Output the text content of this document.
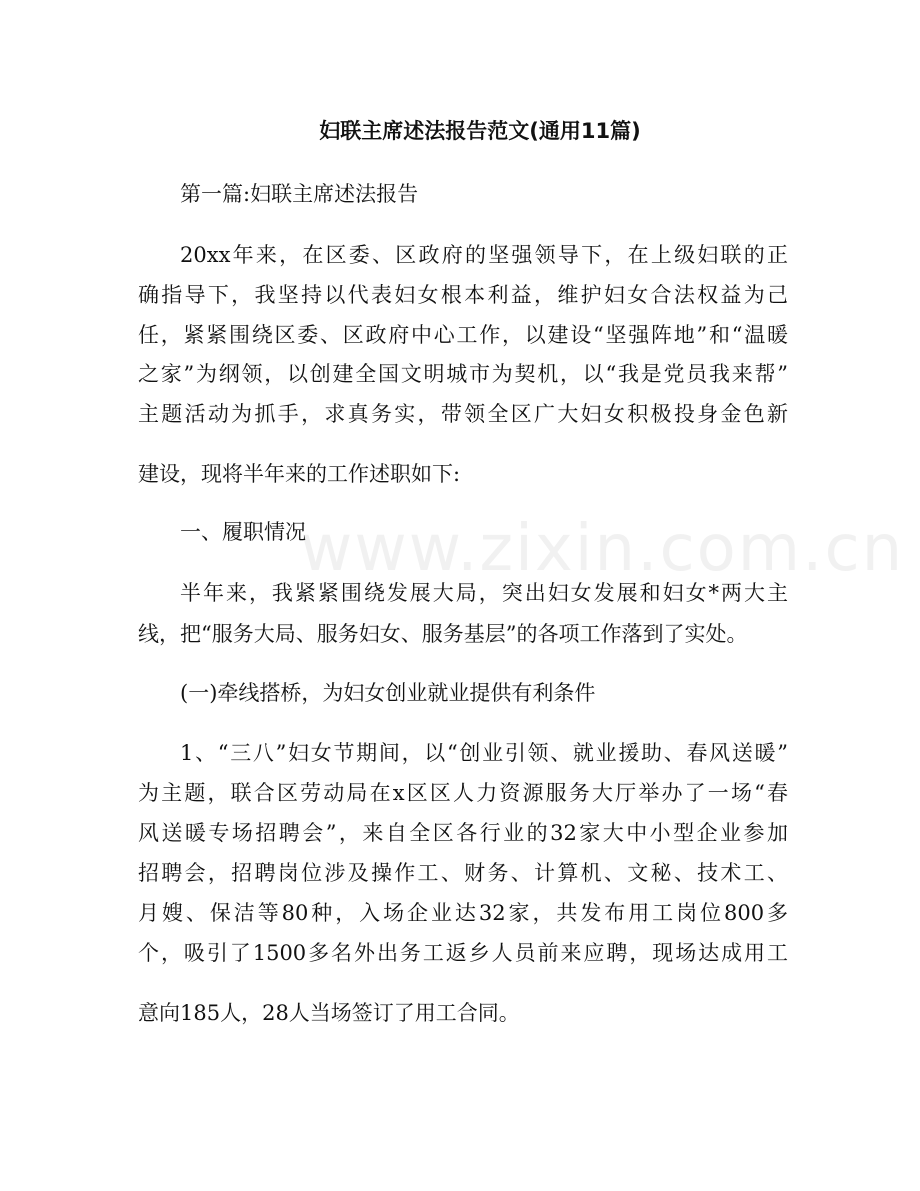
www.zixin.com.cn
妇联主席述法报告范文(通用11篇)
第一篇:妇联主席述法报告
20xx年来，在区委、区政府的坚强领导下，在上级妇联的正
确指导下，我坚持以代表妇女根本利益，维护妇女合法权益为己
任，紧紧围绕区委、区政府中心工作，以建设“坚强阵地”和“温暖
之家”为纲领，以创建全国文明城市为契机，以“我是党员我来帮”
主题活动为抓手，求真务实，带领全区广大妇女积极投身金色新
建设，现将半年来的工作述职如下:
一、履职情况
半年来，我紧紧围绕发展大局，突出妇女发展和妇女*两大主
线，把“服务大局、服务妇女、服务基层”的各项工作落到了实处。
(一)牵线搭桥，为妇女创业就业提供有利条件
1、“三八”妇女节期间，以“创业引领、就业援助、春风送暖”
为主题，联合区劳动局在x区区人力资源服务大厅举办了一场“春
风送暖专场招聘会”，来自全区各行业的32家大中小型企业参加
招聘会，招聘岗位涉及操作工、财务、计算机、文秘、技术工、
月嫂、保洁等80种，入场企业达32家，共发布用工岗位800多
个，吸引了1500多名外出务工返乡人员前来应聘，现场达成用工
意向185人，28人当场签订了用工合同。
